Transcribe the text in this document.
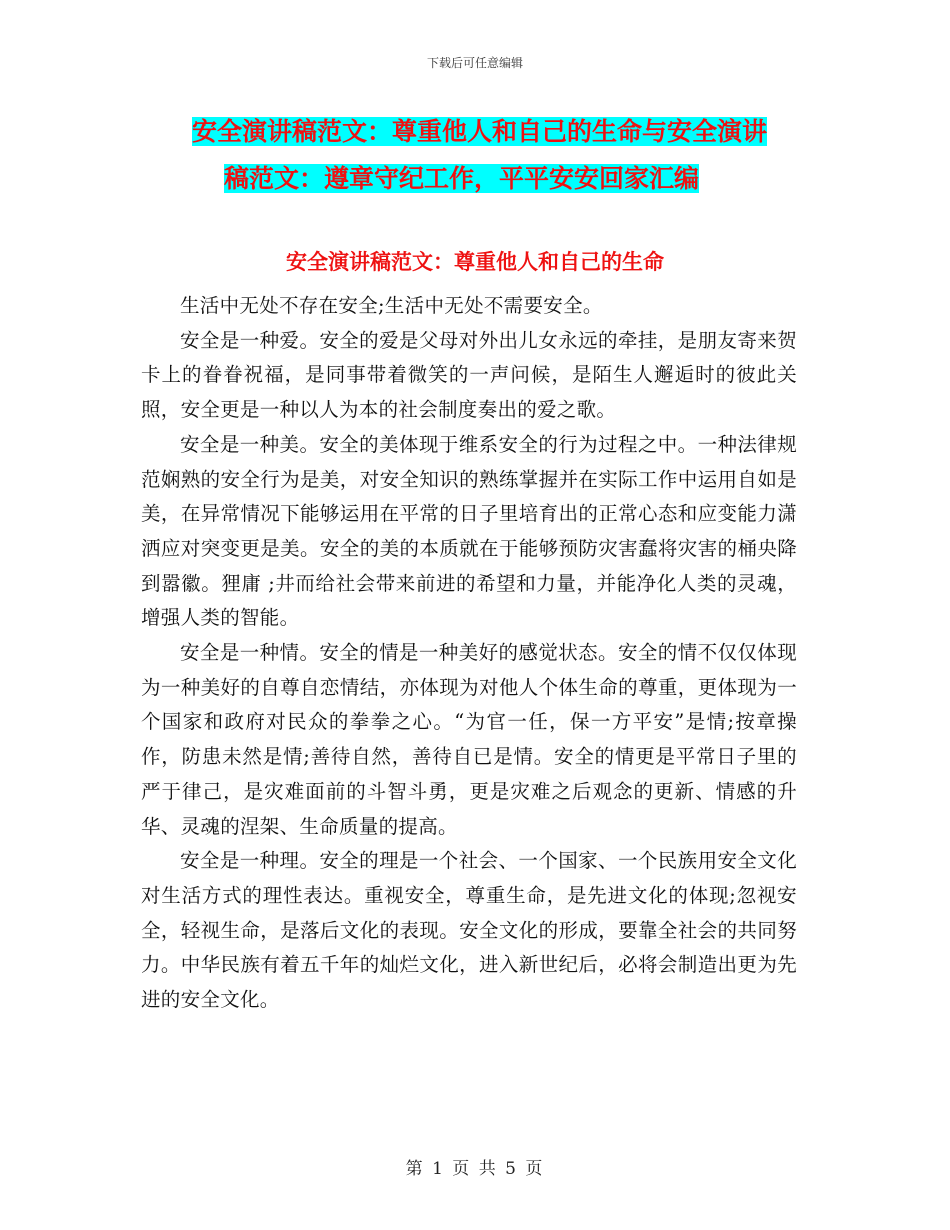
下载后可任意编辑
安全演讲稿范文：尊重他人和自己的生命与安全演讲
稿范文：遵章守纪工作，平平安安回家汇编
安全演讲稿范文：尊重他人和自己的生命

生活中无处不存在安全;生活中无处不需要安全。

安全是一种爱。安全的爱是父母对外出儿女永远的牵挂，是朋友寄来贺卡上的眷眷祝福，是同事带着微笑的一声问候，是陌生人邂逅时的彼此关照，安全更是一种以人为本的社会制度奏出的爱之歌。

安全是一种美。安全的美体现于维系安全的行为过程之中。一种法律规范娴熟的安全行为是美，对安全知识的熟练掌握并在实际工作中运用自如是美，在异常情况下能够运用在平常的日子里培育出的正常心态和应变能力潇洒应对突变更是美。安全的美的本质就在于能够预防灾害蠢将灾害的桶央降到嚣徽。狸庸 ;井而给社会带来前进的希望和力量，并能净化人类的灵魂，增强人类的智能。

安全是一种情。安全的情是一种美好的感觉状态。安全的情不仅仅体现为一种美好的自尊自恋情结，亦体现为对他人个体生命的尊重，更体现为一个国家和政府对民众的拳拳之心。“为官一任，保一方平安”是情;按章操作，防患未然是情;善待自然，善待自已是情。安全的情更是平常日子里的严于律己，是灾难面前的斗智斗勇，更是灾难之后观念的更新、情感的升华、灵魂的涅架、生命质量的提高。

安全是一种理。安全的理是一个社会、一个国家、一个民族用安全文化对生活方式的理性表达。重视安全，尊重生命，是先进文化的体现;忽视安全，轻视生命，是落后文化的表现。安全文化的形成，要靠全社会的共同努力。中华民族有着五千年的灿烂文化，进入新世纪后，必将会制造出更为先进的安全文化。

第 1 页 共 5 页
